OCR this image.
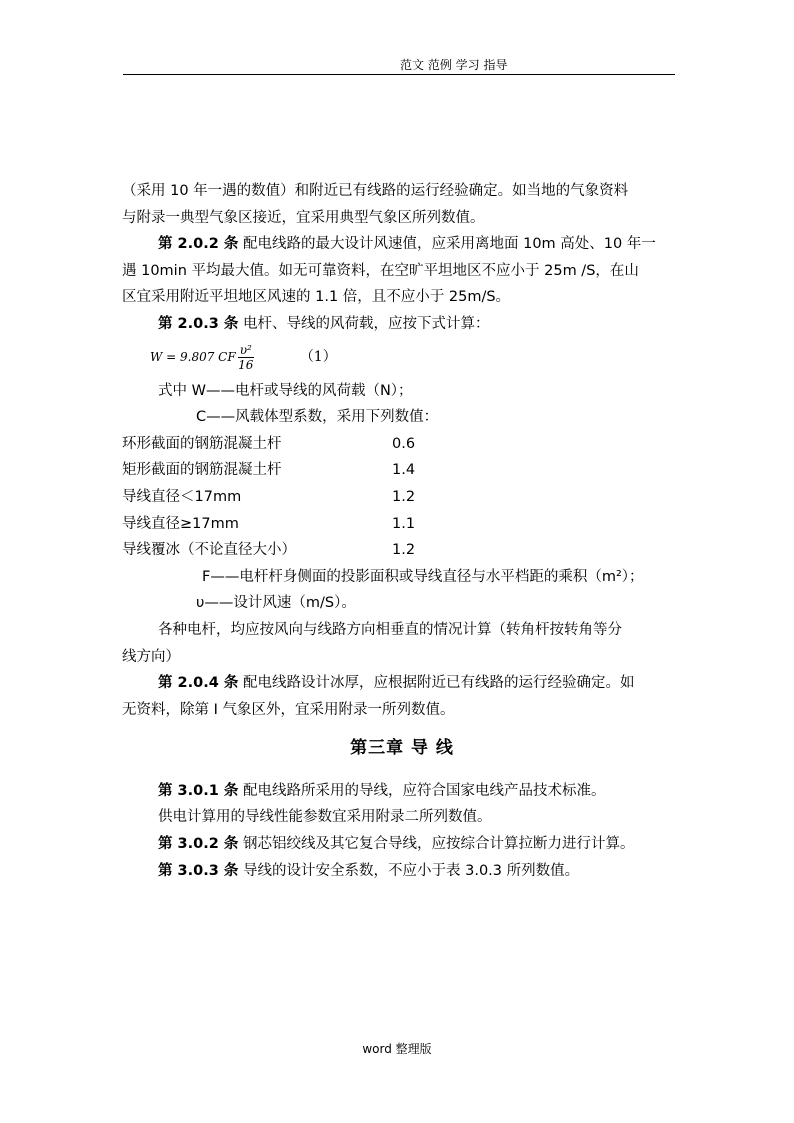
范文 范例 学习 指导

（采用 10 年一遇的数值）和附近已有线路的运行经验确定。如当地的气象资料

与附录一典型气象区接近，宜采用典型气象区所列数值。

第 2.0.2 条 配电线路的最大设计风速值，应采用离地面 10m 高处、10 年一

遇 10min 平均最大值。如无可靠资料，在空旷平坦地区不应小于 25m /S，在山

区宜采用附近平坦地区风速的 1.1 倍，且不应小于 25m/S。

第 2.0.3 条 电杆、导线的风荷载，应按下式计算：

W = 9.807 CF $\frac{\text{υ²}}{16}$	（1）

式中 W——电杆或导线的风荷载（N）；

C——风载体型系数，采用下列数值：

环形截面的钢筋混凝土杆	0.6
矩形截面的钢筋混凝土杆	1.4
导线直径＜17mm	1.2
导线直径≥17mm	1.1
导线覆冰（不论直径大小）	1.2

F——电杆杆身侧面的投影面积或导线直径与水平档距的乘积（m²）；

υ——设计风速（m/S）。

各种电杆，均应按风向与线路方向相垂直的情况计算（转角杆按转角等分

线方向）

第 2.0.4 条 配电线路设计冰厚，应根据附近已有线路的运行经验确定。如

无资料，除第 I 气象区外，宜采用附录一所列数值。

第三章 导 线

第 3.0.1 条 配电线路所采用的导线，应符合国家电线产品技术标准。

供电计算用的导线性能参数宜采用附录二所列数值。

第 3.0.2 条 钢芯铝绞线及其它复合导线，应按综合计算拉断力进行计算。

第 3.0.3 条 导线的设计安全系数，不应小于表 3.0.3 所列数值。

word 整理版
